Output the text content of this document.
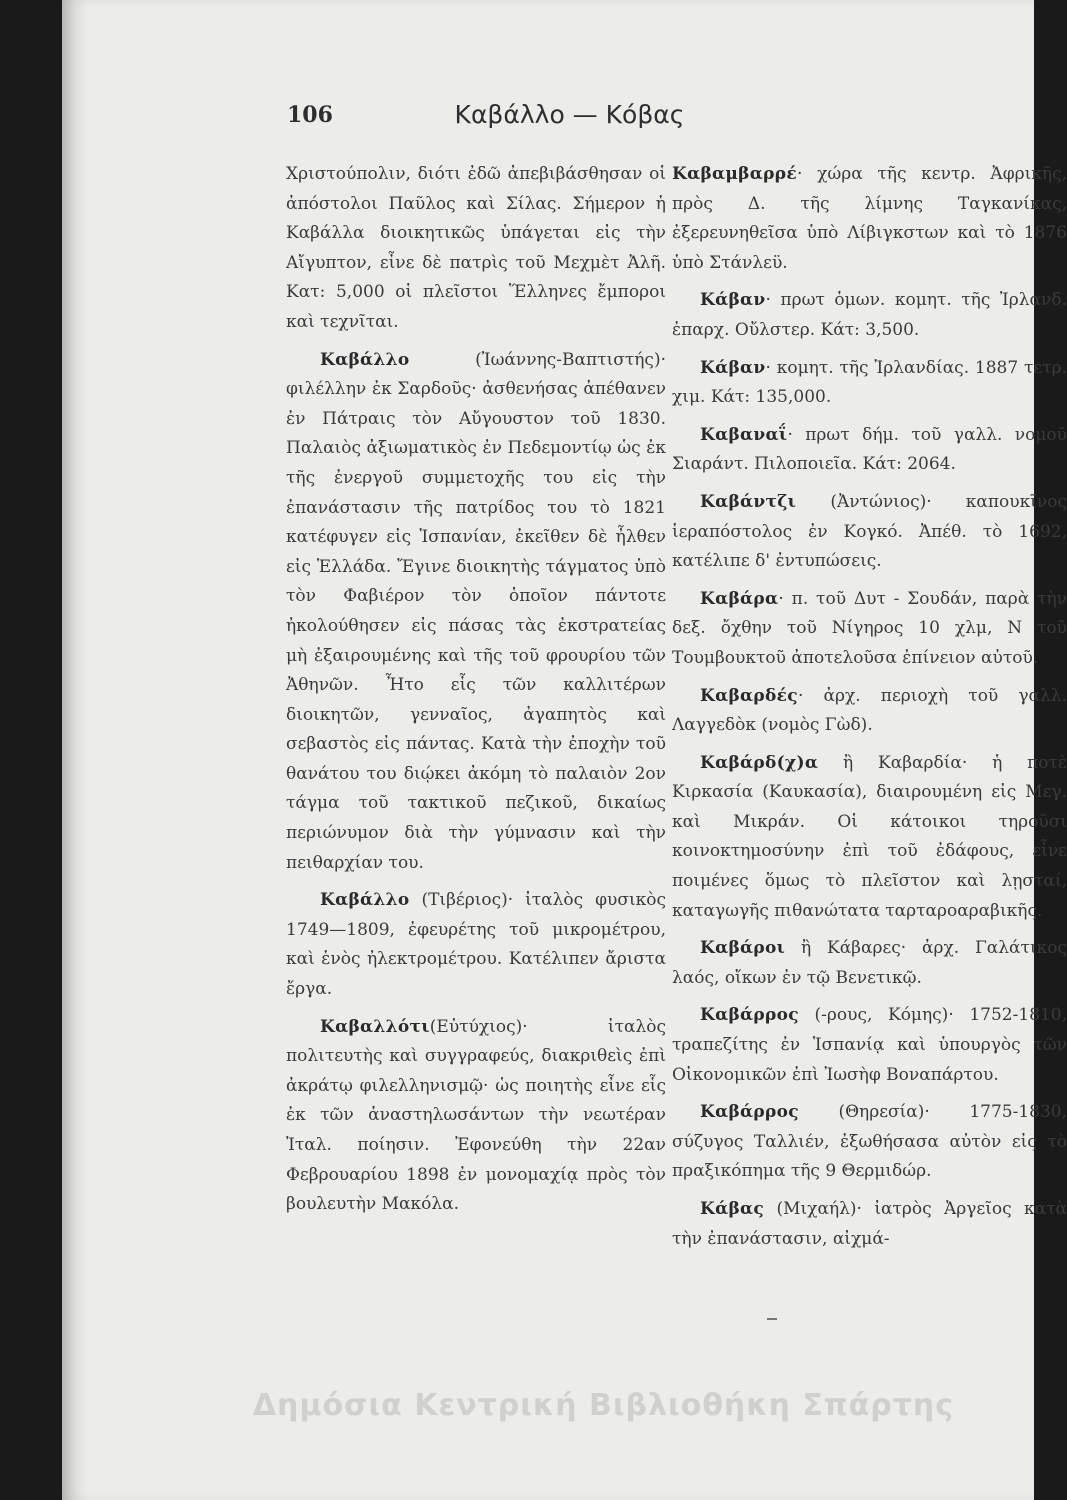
106	Καβάλλο — Κόβας

Χριστούπολιν, διότι ἐδῶ ἀπεβιβάσθησαν οἱ ἀπόστολοι Παῦλος καὶ Σίλας. Σήμερον ἡ Καβάλλα διοικητικῶς ὑπάγεται εἰς τὴν Αἴγυπτον, εἶνε δὲ πατρὶς τοῦ Μεχμὲτ Ἀλῆ. Κατ: 5,000 οἱ πλεῖστοι Ἕλληνες ἔμποροι καὶ τεχνῖται.

Καβάλλο (Ἰωάννης-Βαπτιστής)· φιλέλλην ἐκ Σαρδοῦς· ἀσθενήσας ἀπέθανεν ἐν Πάτραις τὸν Αὔγουστον τοῦ 1830. Παλαιὸς ἀξιωματικὸς ἐν Πεδεμοντίῳ ὡς ἐκ τῆς ἐνεργοῦ συμμετοχῆς του εἰς τὴν ἐπανάστασιν τῆς πατρίδος του τὸ 1821 κατέφυγεν εἰς Ἱσπανίαν, ἐκεῖθεν δὲ ἦλθεν εἰς Ἑλλάδα. Ἔγινε διοικητὴς τάγματος ὑπὸ τὸν Φαβιέρον τὸν ὁποῖον πάντοτε ἠκολούθησεν εἰς πάσας τὰς ἐκστρατείας μὴ ἐξαιρουμένης καὶ τῆς τοῦ φρουρίου τῶν Ἀθηνῶν. Ἦτο εἷς τῶν καλλιτέρων διοικητῶν, γενναῖος, ἀγαπητὸς καὶ σεβαστὸς εἰς πάντας. Κατὰ τὴν ἐποχὴν τοῦ θανάτου του διῴκει ἀκόμη τὸ παλαιὸν 2ον τάγμα τοῦ τακτικοῦ πεζικοῦ, δικαίως περιώνυμον διὰ τὴν γύμνασιν καὶ τὴν πειθαρχίαν του.

Καβάλλο (Τιβέριος)· ἰταλὸς φυσικὸς 1749—1809, ἐφευρέτης τοῦ μικρομέτρου, καὶ ἑνὸς ἠλεκτρομέτρου. Κατέλιπεν ἄριστα ἔργα.

Καβαλλότι(Εὐτύχιος)· ἰταλὸς πολιτευτὴς καὶ συγγραφεύς, διακριθεὶς ἐπὶ ἀκράτῳ φιλελληνισμῷ· ὡς ποιητὴς εἶνε εἷς ἐκ τῶν ἀναστηλωσάντων τὴν νεωτέραν Ἰταλ. ποίησιν. Ἐφονεύθη τὴν 22αν Φεβρουαρίου 1898 ἐν μονομαχίᾳ πρὸς τὸν βουλευτὴν Μακόλα.

Καβαμβαρρέ· χώρα τῆς κεντρ. Ἀφρικῆς, πρὸς Δ. τῆς λίμνης Ταγκανίκας, ἐξερευνηθεῖσα ὑπὸ Λίβιγκστων καὶ τὸ 1876 ὑπὸ Στάνλεϋ.

Κάβαν· πρωτ ὁμων. κομητ. τῆς Ἰρλανδ. ἐπαρχ. Οὔλστερ. Κάτ: 3,500.

Κάβαν· κομητ. τῆς Ἰρλανδίας. 1887 τετρ. χιμ. Κάτ: 135,000.

Καβαναΐ· πρωτ δήμ. τοῦ γαλλ. νομοῦ Σιαράντ. Πιλοποιεῖα. Κάτ: 2064.

Καβάντζι (Ἀντώνιος)· καπουκῖνος ἱεραπόστολος ἐν Κογκό. Ἀπέθ. τὸ 1692, κατέλιπε δ' ἐντυπώσεις.

Καβάρα· π. τοῦ Δυτ - Σουδάν, παρὰ τὴν δεξ. ὄχθην τοῦ Νίγηρος 10 χλμ, Ν τοῦ Τουμβουκτοῦ ἀποτελοῦσα ἐπίνειον αὐτοῦ.

Καβαρδές· ἀρχ. περιοχὴ τοῦ γαλλ. Λαγγεδὸκ (νομὸς Γὼδ).

Καβάρδ(χ)α ἢ Καβαρδία· ἡ ποτὲ Κιρκασία (Καυκασία), διαιρουμένη εἰς Μεγ. καὶ Μικράν. Οἱ κάτοικοι τηροῦσι κοινοκτημοσύνην ἐπὶ τοῦ ἐδάφους, εἶνε ποιμένες ὅμως τὸ πλεῖστον καὶ λῃσταί, καταγωγῆς πιθανώτατα ταρταροαραβικῆς.

Καβάροι ἢ Κάβαρες· ἀρχ. Γαλάτικος λαός, οἴκων ἐν τῷ Βενετικῷ.

Καβάρρος (-ρους, Κόμης)· 1752-1810, τραπεζίτης ἐν Ἱσπανίᾳ καὶ ὑπουργὸς τῶν Οἰκονομικῶν ἐπὶ Ἰωσὴφ Βοναπάρτου.

Καβάρρος (Θηρεσία)· 1775-1830, σύζυγος Ταλλιέν, ἐξωθήσασα αὐτὸν εἰς τὸ πραξικόπημα τῆς 9 Θερμιδώρ.

Κάβας (Μιχαήλ)· ἰατρὸς Ἀργεῖος κατὰ τὴν ἐπανάστασιν, αἰχμά-

Δημόσια Κεντρική Βιβλιοθήκη Σπάρτης
